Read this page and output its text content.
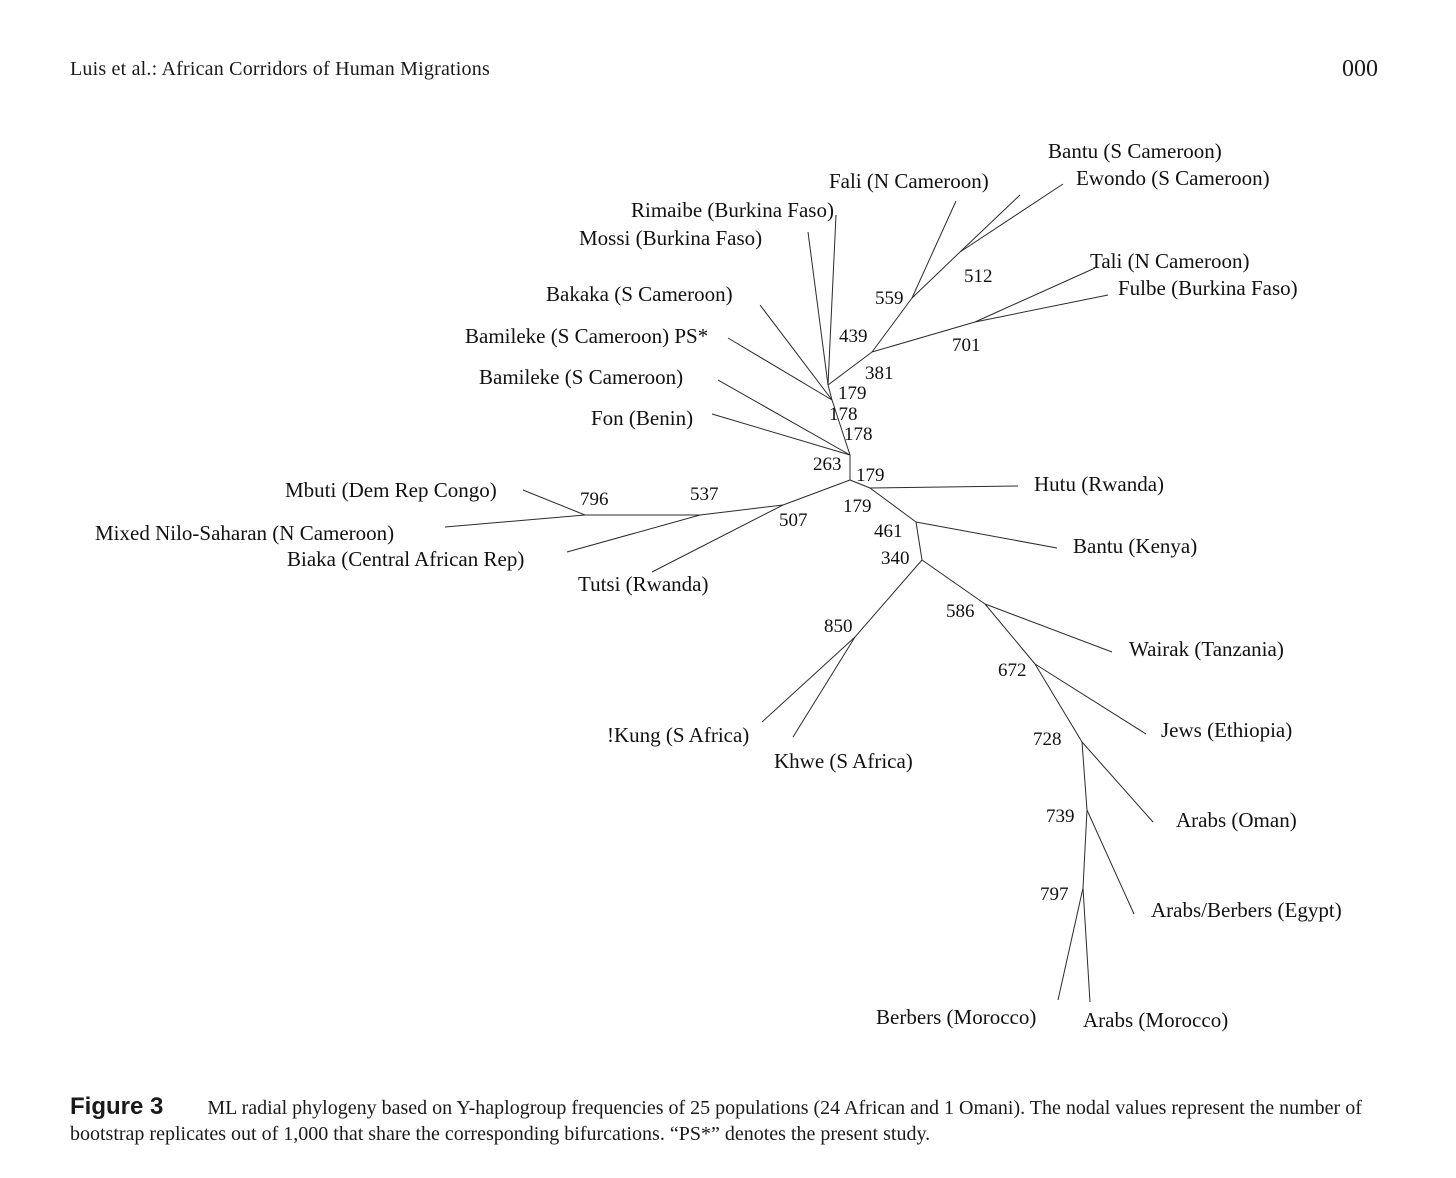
Luis et al.: African Corridors of Human Migrations	000
Bantu (S Cameroon)
Ewondo (S Cameroon)
Fali (N Cameroon)
Rimaibe (Burkina Faso)
Mossi (Burkina Faso)
Tali (N Cameroon)
Fulbe (Burkina Faso)
Bakaka (S Cameroon)
Bamileke (S Cameroon) PS*
Bamileke (S Cameroon)
Fon (Benin)
Mbuti (Dem Rep Congo)
Mixed Nilo-Saharan (N Cameroon)
Biaka (Central African Rep)
Tutsi (Rwanda)
Hutu (Rwanda)
Bantu (Kenya)
Wairak (Tanzania)
Jews (Ethiopia)
!Kung (S Africa)
Khwe (S Africa)
Arabs (Oman)
Arabs/Berbers (Egypt)
Berbers (Morocco) Arabs (Morocco)
512
559
439	701
381
179
178
178
263
179
796	537
507
179
461
340
586
850
672
728
739
797
Figure 3 ML radial phylogeny based on Y-haplogroup frequencies of 25 populations (24 African and 1 Omani). The nodal values represent the number of bootstrap replicates out of 1,000 that share the corresponding bifurcations. “PS*” denotes the present study.
